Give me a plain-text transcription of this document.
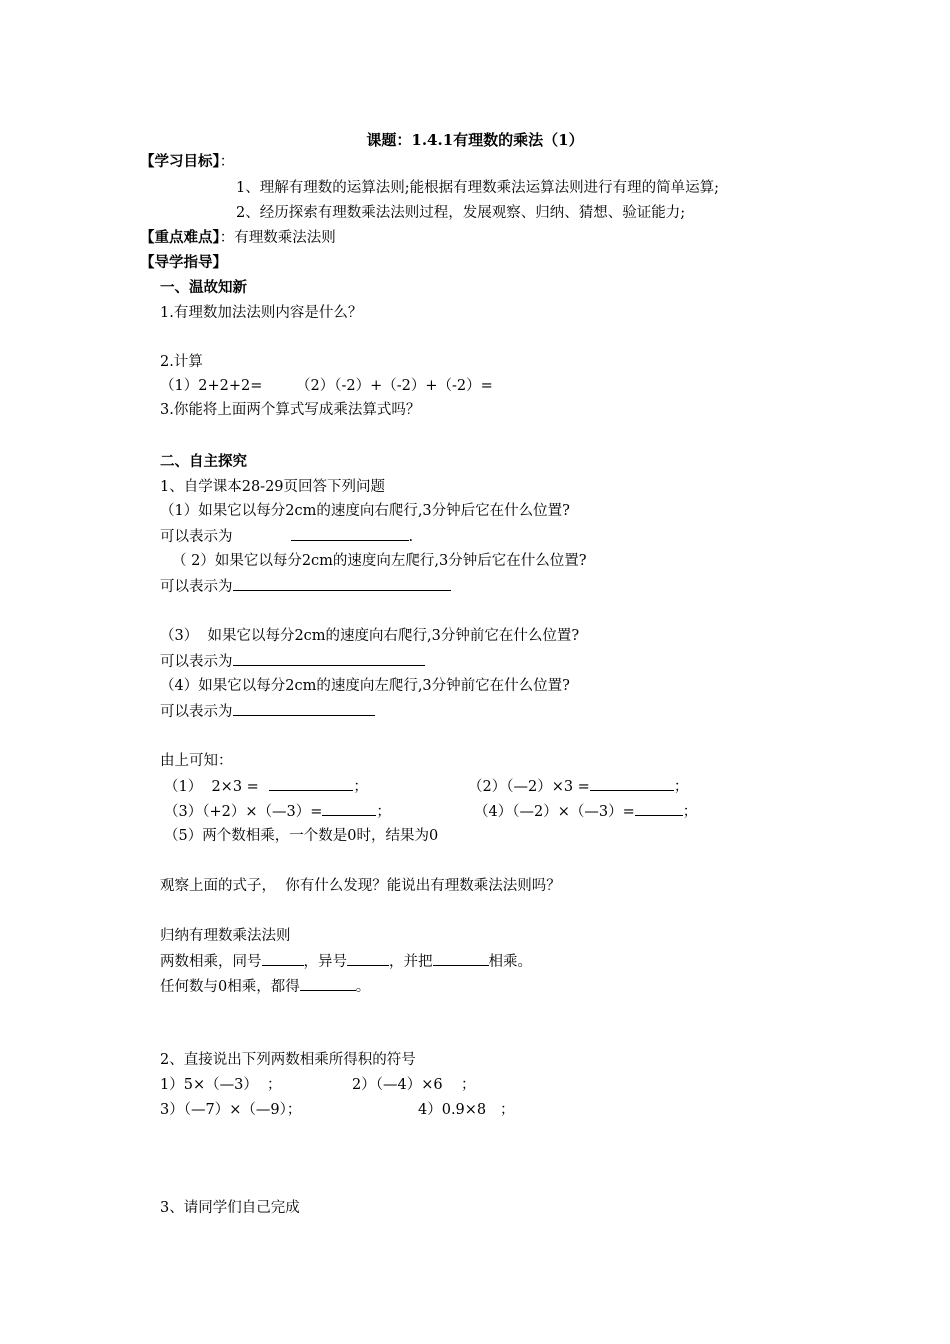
课题：1.4.1有理数的乘法（1）
【学习目标】：
1、理解有理数的运算法则;能根据有理数乘法运算法则进行有理的简单运算;
2、经历探索有理数乘法法则过程，发展观察、归纳、猜想、验证能力;
【重点难点】：有理数乘法法则
【导学指导】
一、温故知新
1.有理数加法法则内容是什么？
2.计算
（1）2+2+2= （2）（-2）+（-2）+（-2）=
3.你能将上面两个算式写成乘法算式吗？
二、自主探究
1、自学课本28-29页回答下列问题
（1）如果它以每分2cm的速度向右爬行,3分钟后它在什么位置?
可以表示为	.
（ 2）如果它以每分2cm的速度向左爬行,3分钟后它在什么位置?
可以表示为
（3）  如果它以每分2cm的速度向右爬行,3分钟前它在什么位置?
可以表示为
（4）如果它以每分2cm的速度向左爬行,3分钟前它在什么位置?
可以表示为
由上可知：
（1）  2×3 =	；	（2）（—2）×3 =	；
（3）（+2）×（—3）=	；	（4）（—2）×（—3）=	；
（5）两个数相乘，一个数是0时，结果为0
观察上面的式子，  你有什么发现？能说出有理数乘法法则吗？
归纳有理数乘法法则
两数相乘，同号	，异号	，并把	相乘。
任何数与0相乘，都得	。
2、直接说出下列两数相乘所得积的符号
1）5×（—3）  ；	2）（—4）×6    ；
3）（—7）×（—9）；	4）0.9×8   ；
3、请同学们自己完成
